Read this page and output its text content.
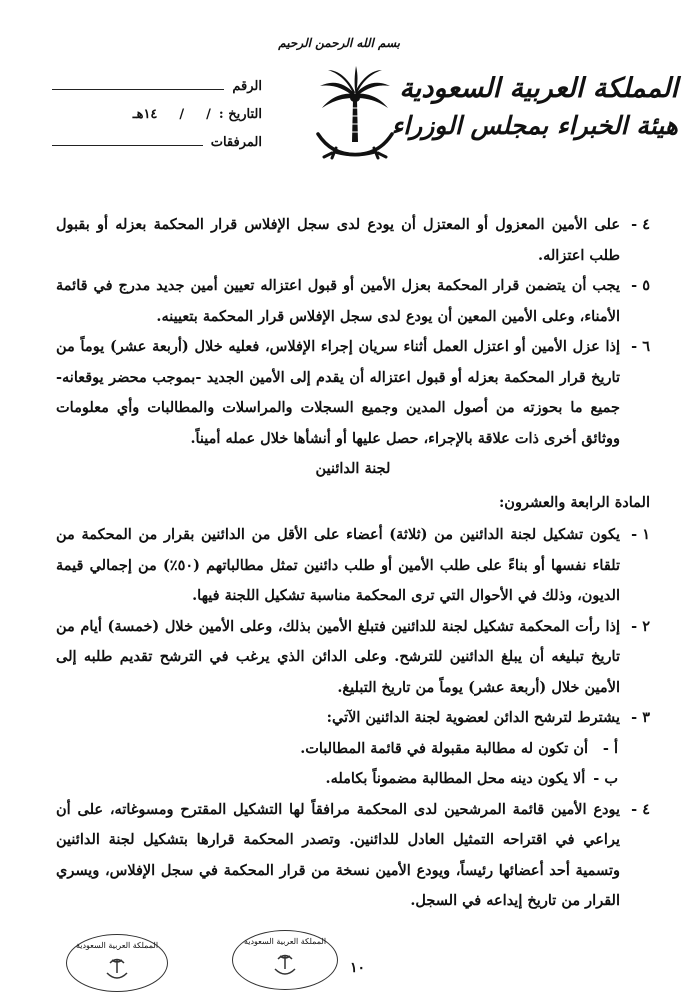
المملكة العربية السعودية
هيئة الخبراء بمجلس الوزراء
بسم الله الرحمن الرحيم
الرقم
التاريخ :
/
/
١٤هـ
المرفقات
٤ -
على الأمين المعزول أو المعتزل أن يودع لدى سجل الإفلاس قرار المحكمة بعزله أو بقبول طلب اعتزاله.
٥ -
يجب أن يتضمن قرار المحكمة بعزل الأمين أو قبول اعتزاله تعيين أمين جديد مدرج في قائمة الأمناء، وعلى الأمين المعين أن يودع لدى سجل الإفلاس قرار المحكمة بتعيينه.
٦ -
إذا عزل الأمين أو اعتزل العمل أثناء سريان إجراء الإفلاس، فعليه خلال (أربعة عشر) يوماً من تاريخ قرار المحكمة بعزله أو قبول اعتزاله أن يقدم إلى الأمين الجديد -بموجب محضر يوقعانه- جميع ما بحوزته من أصول المدين وجميع السجلات والمراسلات والمطالبات وأي معلومات ووثائق أخرى ذات علاقة بالإجراء، حصل عليها أو أنشأها خلال عمله أميناً.
لجنة الدائنين
المادة الرابعة والعشرون:
١ -
يكون تشكيل لجنة الدائنين من (ثلاثة) أعضاء على الأقل من الدائنين بقرار من المحكمة من تلقاء نفسها أو بناءً على طلب الأمين أو طلب دائنين تمثل مطالباتهم (٥٠٪) من إجمالي قيمة الديون، وذلك في الأحوال التي ترى المحكمة مناسبة تشكيل اللجنة فيها.
٢ -
إذا رأت المحكمة تشكيل لجنة للدائنين فتبلغ الأمين بذلك، وعلى الأمين خلال (خمسة) أيام من تاريخ تبليغه أن يبلغ الدائنين للترشح. وعلى الدائن الذي يرغب في الترشح تقديم طلبه إلى الأمين خلال (أربعة عشر) يوماً من تاريخ التبليغ.
٣ -
يشترط لترشح الدائن لعضوية لجنة الدائنين الآتي:
أ -
أن تكون له مطالبة مقبولة في قائمة المطالبات.
ب -
ألا يكون دينه محل المطالبة مضموناً بكامله.
٤ -
يودع الأمين قائمة المرشحين لدى المحكمة مرافقاً لها التشكيل المقترح ومسوغاته، على أن يراعي في اقتراحه التمثيل العادل للدائنين. وتصدر المحكمة قرارها بتشكيل لجنة الدائنين وتسمية أحد أعضائها رئيساً، ويودع الأمين نسخة من قرار المحكمة في سجل الإفلاس، ويسري القرار من تاريخ إيداعه في السجل.
المملكة العربية السعودية	المملكة العربية السعودية
١٠
